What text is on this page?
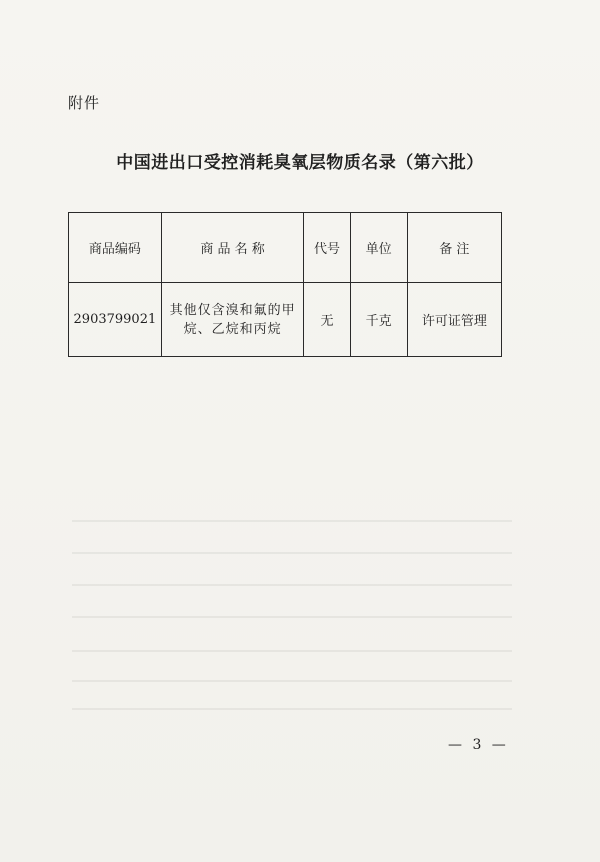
附件
中国进出口受控消耗臭氧层物质名录（第六批）
商品编码	商 品 名 称	代号	单位	备 注
2903799021	其他仅含溴和氟的甲烷、乙烷和丙烷	无	千克	许可证管理
— 3 —
